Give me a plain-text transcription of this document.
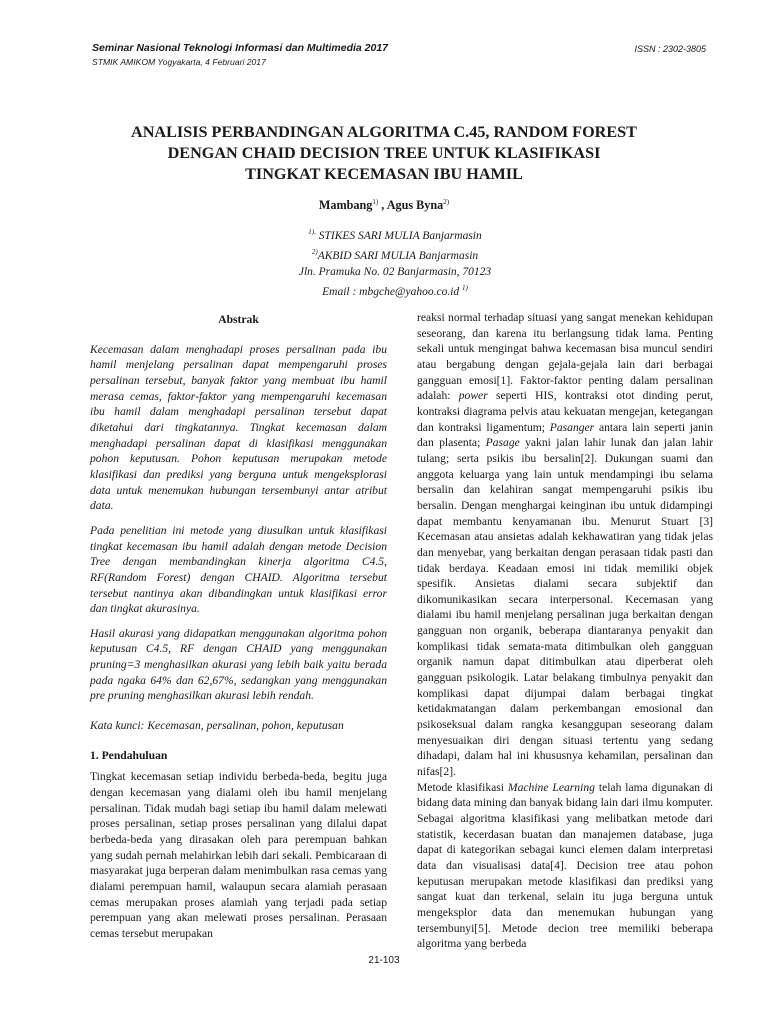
Seminar Nasional Teknologi Informasi dan Multimedia 2017
STMIK AMIKOM Yogyakarta, 4 Februari 2017
ISSN : 2302-3805
ANALISIS PERBANDINGAN ALGORITMA C.45, RANDOM FOREST
DENGAN CHAID DECISION TREE UNTUK KLASIFIKASI
TINGKAT KECEMASAN IBU HAMIL
Mambang$^{1)}$ , Agus Byna$^{2)}$
$^{1),}$ STIKES SARI MULIA Banjarmasin
$^{2)}$AKBID SARI MULIA Banjarmasin
Jln. Pramuka No. 02 Banjarmasin, 70123
Email : mbgche@yahoo.co.id $^{1)}$
Abstrak

Kecemasan dalam menghadapi proses persalinan pada ibu hamil menjelang persalinan dapat mempengaruhi proses persalinan tersebut, banyak faktor yang membuat ibu hamil merasa cemas, faktor-faktor yang mempengaruhi kecemasan ibu hamil dalam menghadapi persalinan tersebut dapat diketahui dari tingkatannya. Tingkat kecemasan dalam menghadapi persalinan dapat di klasifikasi menggunakan pohon keputusan. Pohon keputusan merupakan metode klasifikasi dan prediksi yang berguna untuk mengeksplorasi data untuk menemukan hubungan tersembunyi antar atribut data.

Pada penelitian ini metode yang diusulkan untuk klasifikasi tingkat kecemasan ibu hamil adalah dengan metode Decision Tree dengan membandingkan kinerja algoritma C4.5, RF(Random Forest) dengan CHAID. Algoritma tersebut tersebut nantinya akan dibandingkan untuk klasifikasi error dan tingkat akurasinya.

Hasil akurasi yang didapatkan menggunakan algoritma pohon keputusan C4.5, RF dengan CHAID yang menggunakan pruning=3 menghasilkan akurasi yang lebih baik yaitu berada pada ngaka 64% dan 62,67%, sedangkan yang menggunakan pre pruning menghasilkan akurasi lebih rendah.

Kata kunci: Kecemasan, persalinan, pohon, keputusan
1. Pendahuluan

Tingkat kecemasan setiap individu berbeda-beda, begitu juga dengan kecemasan yang dialami oleh ibu hamil menjelang persalinan. Tidak mudah bagi setiap ibu hamil dalam melewati proses persalinan, setiap proses persalinan yang dilalui dapat berbeda-beda yang dirasakan oleh para perempuan bahkan yang sudah pernah melahirkan lebih dari sekali. Pembicaraan di masyarakat juga berperan dalam menimbulkan rasa cemas yang dialami perempuan hamil, walaupun secara alamiah perasaan cemas merupakan proses alamiah yang terjadi pada setiap perempuan yang akan melewati proses persalinan. Perasaan cemas tersebut merupakan

reaksi normal terhadap situasi yang sangat menekan kehidupan seseorang, dan karena itu berlangsung tidak lama. Penting sekali untuk mengingat bahwa kecemasan bisa muncul sendiri atau bergabung dengan gejala-gejala lain dari berbagai gangguan emosi[1]. Faktor-faktor penting dalam persalinan adalah: power seperti HIS, kontraksi otot dinding perut, kontraksi diagrama pelvis atau kekuatan mengejan, ketegangan dan kontraksi ligamentum; Pasanger antara lain seperti janin dan plasenta; Pasage yakni jalan lahir lunak dan jalan lahir tulang; serta psikis ibu bersalin[2]. Dukungan suami dan anggota keluarga yang lain untuk mendampingi ibu selama bersalin dan kelahiran sangat mempengaruhi psikis ibu bersalin. Dengan menghargai keinginan ibu untuk didampingi dapat membantu kenyamanan ibu. Menurut Stuart [3] Kecemasan atau ansietas adalah kekhawatiran yang tidak jelas dan menyebar, yang berkaitan dengan perasaan tidak pasti dan tidak berdaya. Keadaan emosi ini tidak memiliki objek spesifik. Ansietas dialami secara subjektif dan dikomunikasikan secara interpersonal. Kecemasan yang dialami ibu hamil menjelang persalinan juga berkaitan dengan gangguan non organik, beberapa diantaranya penyakit dan komplikasi tidak semata-mata ditimbulkan oleh gangguan organik namun dapat ditimbulkan atau diperberat oleh gangguan psikologik. Latar belakang timbulnya penyakit dan komplikasi dapat dijumpai dalam berbagai tingkat ketidakmatangan dalam perkembangan emosional dan psikoseksual dalam rangka kesanggupan seseorang dalam menyesuaikan diri dengan situasi tertentu yang sedang dihadapi, dalam hal ini khususnya kehamilan, persalinan dan nifas[2].

Metode klasifikasi Machine Learning telah lama digunakan di bidang data mining dan banyak bidang lain dari ilmu komputer. Sebagai algoritma klasifikasi yang melibatkan metode dari statistik, kecerdasan buatan dan manajemen database, juga dapat di kategorikan sebagai kunci elemen dalam interpretasi data dan visualisasi data[4]. Decision tree atau pohon keputusan merupakan metode klasifikasi dan prediksi yang sangat kuat dan terkenal, selain itu juga berguna untuk mengeksplor data dan menemukan hubungan yang tersembunyi[5]. Metode decion tree memiliki beberapa algoritma yang berbeda

21-103
